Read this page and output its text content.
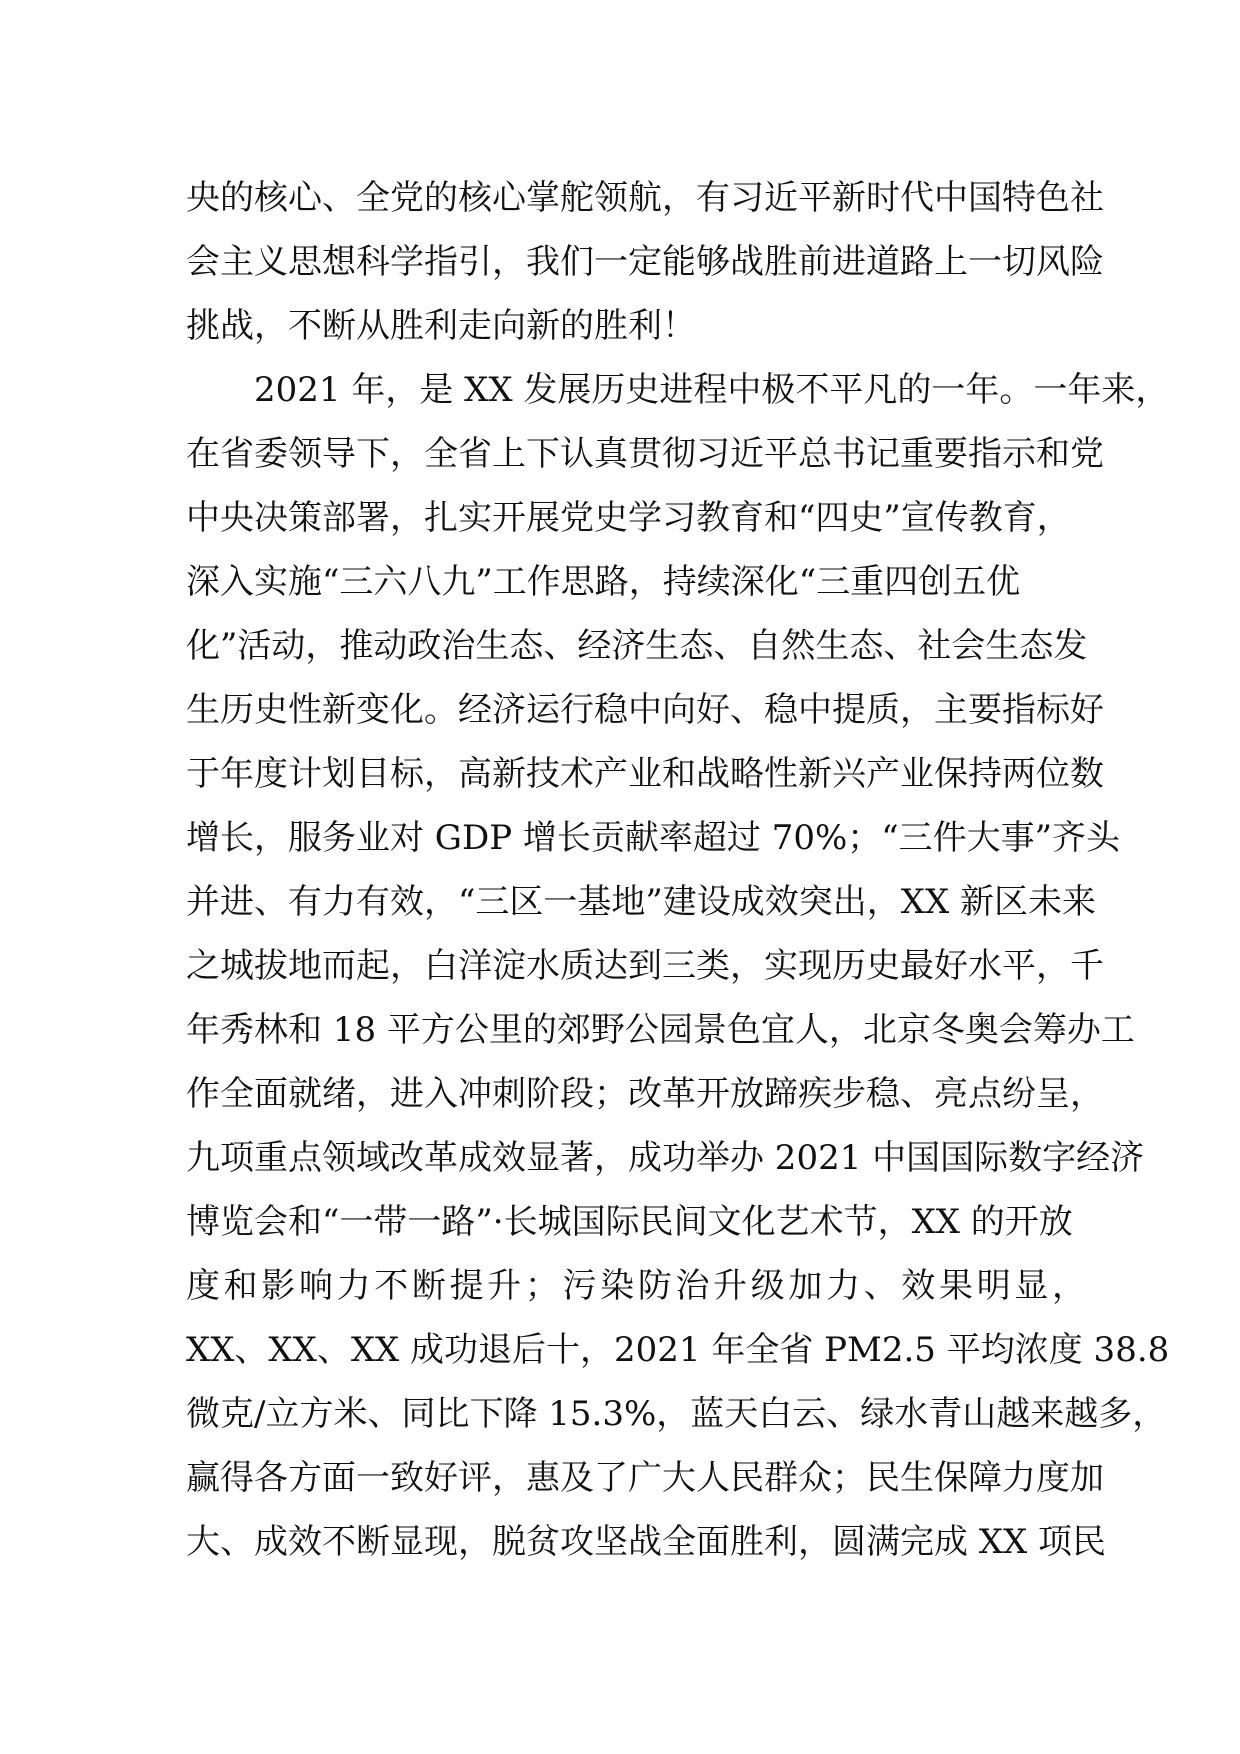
央的核心、全党的核心掌舵领航，有习近平新时代中国特色社
会主义思想科学指引，我们一定能够战胜前进道路上一切风险
挑战，不断从胜利走向新的胜利！
　　2021 年，是 XX 发展历史进程中极不平凡的一年。一年来，
在省委领导下，全省上下认真贯彻习近平总书记重要指示和党
中央决策部署，扎实开展党史学习教育和“四史”宣传教育，
深入实施“三六八九”工作思路，持续深化“三重四创五优
化”活动，推动政治生态、经济生态、自然生态、社会生态发
生历史性新变化。经济运行稳中向好、稳中提质，主要指标好
于年度计划目标，高新技术产业和战略性新兴产业保持两位数
增长，服务业对 GDP 增长贡献率超过 70%；“三件大事”齐头
并进、有力有效，“三区一基地”建设成效突出，XX 新区未来
之城拔地而起，白洋淀水质达到三类，实现历史最好水平，千
年秀林和 18 平方公里的郊野公园景色宜人，北京冬奥会筹办工
作全面就绪，进入冲刺阶段；改革开放蹄疾步稳、亮点纷呈，
九项重点领域改革成效显著，成功举办 2021 中国国际数字经济
博览会和“一带一路”·长城国际民间文化艺术节，XX 的开放
度和影响力不断提升；污染防治升级加力、效果明显，
XX、XX、XX 成功退后十，2021 年全省 PM2.5 平均浓度 38.8
微克/立方米、同比下降 15.3%，蓝天白云、绿水青山越来越多，
赢得各方面一致好评，惠及了广大人民群众；民生保障力度加
大、成效不断显现，脱贫攻坚战全面胜利，圆满完成 XX 项民
